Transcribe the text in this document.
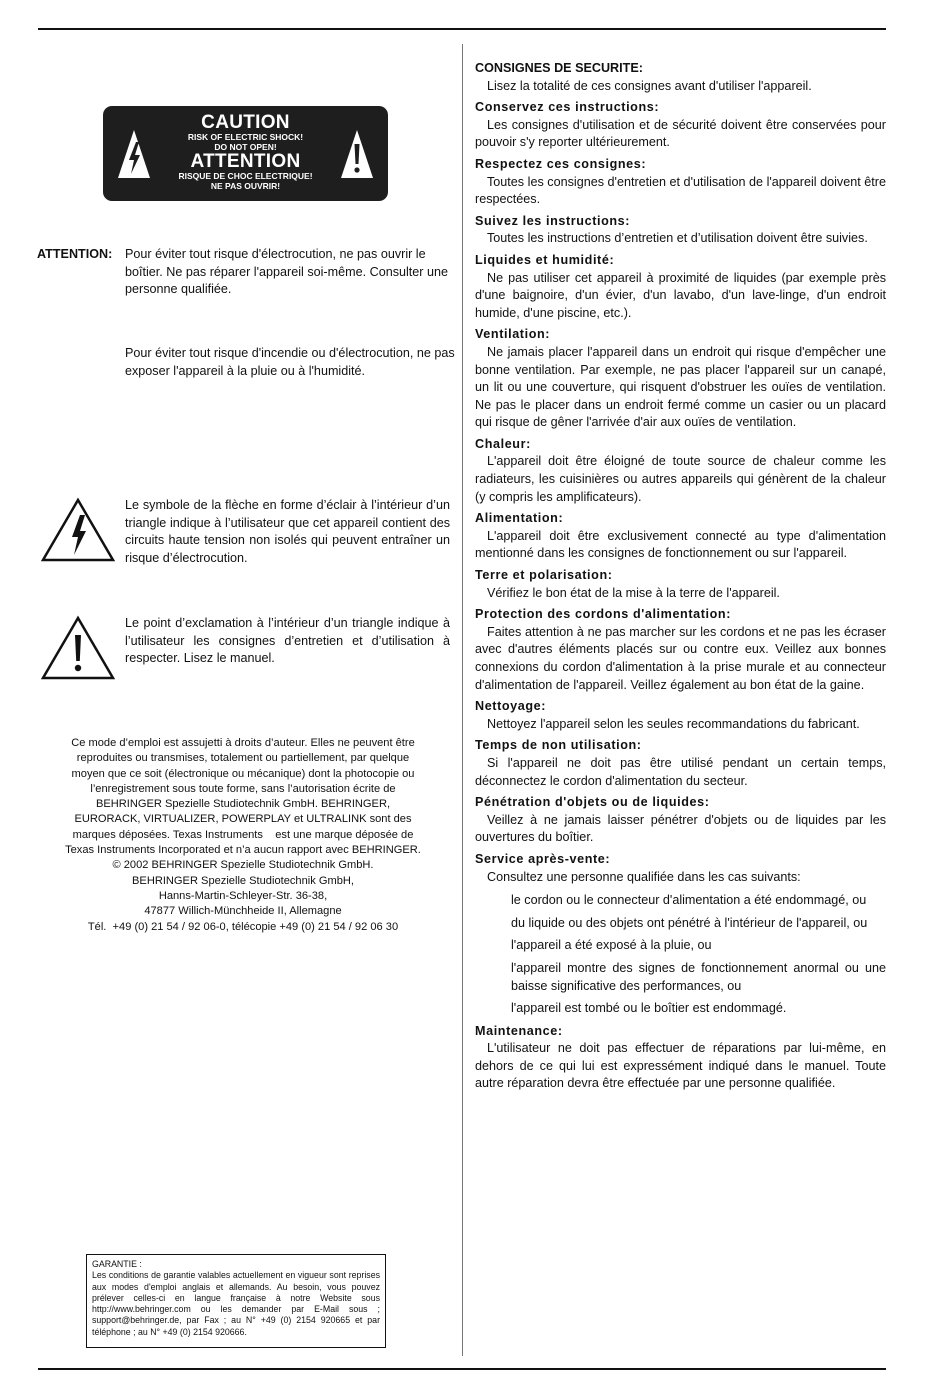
CAUTION
RISK OF ELECTRIC SHOCK!
DO NOT OPEN!
ATTENTION
RISQUE DE CHOC ELECTRIQUE!
NE PAS OUVRIR!
ATTENTION: Pour éviter tout risque d'électrocution, ne pas ouvrir le boîtier. Ne pas réparer l'appareil soi-même. Consulter une personne qualifiée.
Pour éviter tout risque d'incendie ou d'électrocution, ne pas exposer l'appareil à la pluie ou à l'humidité.
Le symbole de la flèche en forme d’éclair à l’intérieur d’un triangle indique à l’utilisateur que cet appareil contient des circuits haute tension non isolés qui peuvent entraîner un risque d’électrocution.
Le point d’exclamation à l’intérieur d’un triangle indique à l’utilisateur les consignes d’entretien et d’utilisation à respecter. Lisez le manuel.
Ce mode d’emploi est assujetti à droits d’auteur. Elles ne peuvent être
reproduites ou transmises, totalement ou partiellement, par quelque
moyen que ce soit (électronique ou mécanique) dont la photocopie ou
l’enregistrement sous toute forme, sans l’autorisation écrite de
BEHRINGER Spezielle Studiotechnik GmbH. BEHRINGER,
EURORACK, VIRTUALIZER, POWERPLAY et ULTRALINK sont des
marques déposées. Texas Instruments    est une marque déposée de
Texas Instruments Incorporated et n’a aucun rapport avec BEHRINGER.
© 2002 BEHRINGER Spezielle Studiotechnik GmbH.
BEHRINGER Spezielle Studiotechnik GmbH,
Hanns-Martin-Schleyer-Str. 36-38,
47877 Willich-Münchheide II, Allemagne
Tél.  +49 (0) 21 54 / 92 06-0, télécopie +49 (0) 21 54 / 92 06 30
GARANTIE :
Les conditions de garantie valables actuellement en vigueur sont reprises aux modes d'emploi anglais et allemands. Au besoin, vous pouvez prélever celles-ci en langue française à notre Website sous http://www.behringer.com ou les demander par E-Mail sous ; support@behringer.de, par Fax ; au N° +49 (0) 2154 920665 et par téléphone ; au N° +49 (0) 2154 920666.
CONSIGNES DE SECURITE:

Lisez la totalité de ces consignes avant d'utiliser l'appareil.

Conservez ces instructions:

Les consignes d'utilisation et de sécurité doivent être conservées pour pouvoir s'y reporter ultérieurement.

Respectez ces consignes:

Toutes les consignes d'entretien et d'utilisation de l'appareil doivent être respectées.

Suivez les instructions:

Toutes les instructions d’entretien et d’utilisation doivent être suivies.

Liquides et humidité:

Ne pas utiliser cet appareil à proximité de liquides (par exemple près d'une baignoire, d'un évier, d'un lavabo, d'un lave-linge, d'un endroit humide, d'une piscine, etc.).

Ventilation:

Ne jamais placer l'appareil dans un endroit qui risque d'empêcher une bonne ventilation. Par exemple, ne pas placer l'appareil sur un canapé, un lit ou une couverture, qui risquent d'obstruer les ouïes de ventilation. Ne pas le placer dans un endroit fermé comme un casier ou un placard qui risque de gêner l'arrivée d'air aux ouïes de ventilation.

Chaleur:

L'appareil doit être éloigné de toute source de chaleur comme les radiateurs, les cuisinières ou autres appareils qui génèrent de la chaleur (y compris les amplificateurs).

Alimentation:

L'appareil doit être exclusivement connecté au type d'alimentation mentionné dans les consignes de fonctionnement ou sur l'appareil.

Terre et polarisation:

Vérifiez le bon état de la mise à la terre de l'appareil.

Protection des cordons d'alimentation:

Faites attention à ne pas marcher sur les cordons et ne pas les écraser avec d'autres éléments placés sur ou contre eux. Veillez aux bonnes connexions du cordon d'alimentation à la prise murale et au connecteur d'alimentation de l'appareil. Veillez également au bon état de la gaine.

Nettoyage:

Nettoyez l'appareil selon les seules recommandations du fabricant.

Temps de non utilisation:

Si l'appareil ne doit pas être utilisé pendant un certain temps, déconnectez le cordon d'alimentation du secteur.

Pénétration d'objets ou de liquides:

Veillez à ne jamais laisser pénétrer d'objets ou de liquides par les ouvertures du boîtier.

Service après-vente:

Consultez une personne qualifiée dans les cas suivants:

le cordon ou le connecteur d'alimentation a été endommagé, ou
du liquide ou des objets ont pénétré à l'intérieur de l'appareil, ou
l'appareil a été exposé à la pluie, ou
l'appareil montre des signes de fonctionnement anormal ou une baisse significative des performances, ou
l'appareil est tombé ou le boîtier est endommagé.
Maintenance:

L'utilisateur ne doit pas effectuer de réparations par lui-même, en dehors de ce qui lui est expressément indiqué dans le manuel. Toute autre réparation devra être effectuée par une personne qualifiée.
